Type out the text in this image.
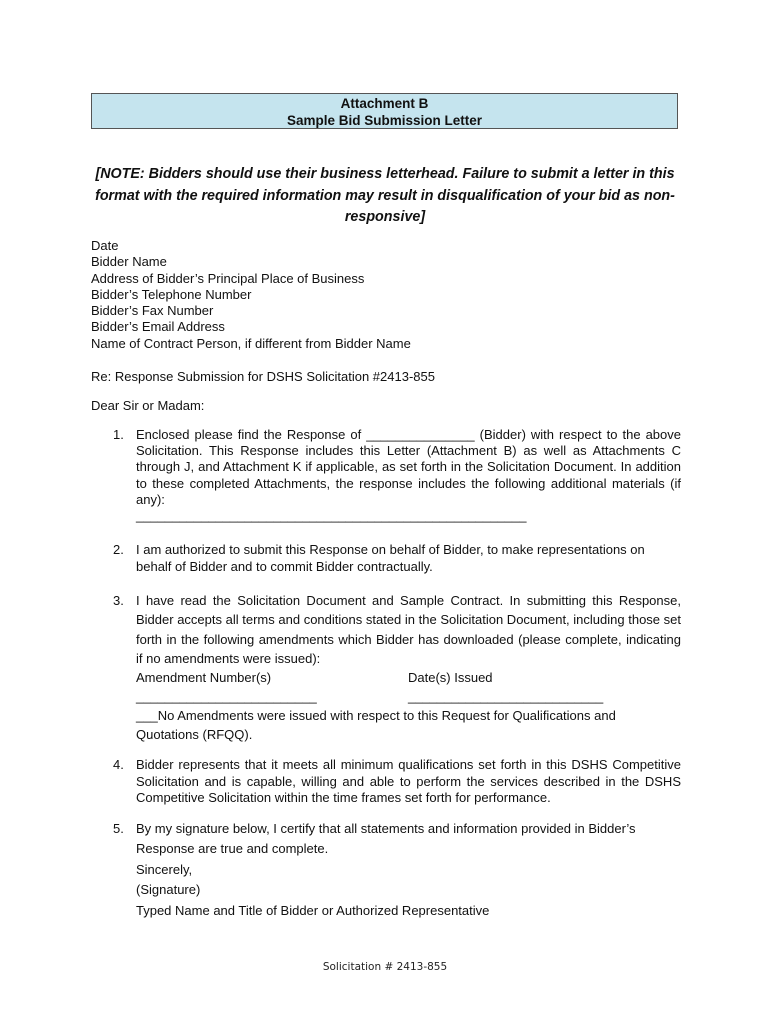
Attachment B
Sample Bid Submission Letter
[NOTE: Bidders should use their business letterhead. Failure to submit a letter in this format with the required information may result in disqualification of your bid as non-responsive]
Date
Bidder Name
Address of Bidder’s Principal Place of Business
Bidder’s Telephone Number
Bidder’s Fax Number
Bidder’s Email Address
Name of Contract Person, if different from Bidder Name
Re: Response Submission for DSHS Solicitation #2413-855
Dear Sir or Madam:
1. Enclosed please find the Response of _______________ (Bidder) with respect to the above Solicitation. This Response includes this Letter (Attachment B) as well as Attachments C through J, and Attachment K if applicable, as set forth in the Solicitation Document. In addition to these completed Attachments, the response includes the following additional materials (if any):
______________________________________________________
2. I am authorized to submit this Response on behalf of Bidder, to make representations on behalf of Bidder and to commit Bidder contractually.
3. I have read the Solicitation Document and Sample Contract. In submitting this Response, Bidder accepts all terms and conditions stated in the Solicitation Document, including those set forth in the following amendments which Bidder has downloaded (please complete, indicating if no amendments were issued):
Amendment Number(s)	Date(s) Issued
_________________________	___________________________
___No Amendments were issued with respect to this Request for Qualifications and Quotations (RFQQ).
4. Bidder represents that it meets all minimum qualifications set forth in this DSHS Competitive Solicitation and is capable, willing and able to perform the services described in the DSHS Competitive Solicitation within the time frames set forth for performance.
5. By my signature below, I certify that all statements and information provided in Bidder’s Response are true and complete.
Sincerely,
(Signature)
Typed Name and Title of Bidder or Authorized Representative
Solicitation # 2413-855
